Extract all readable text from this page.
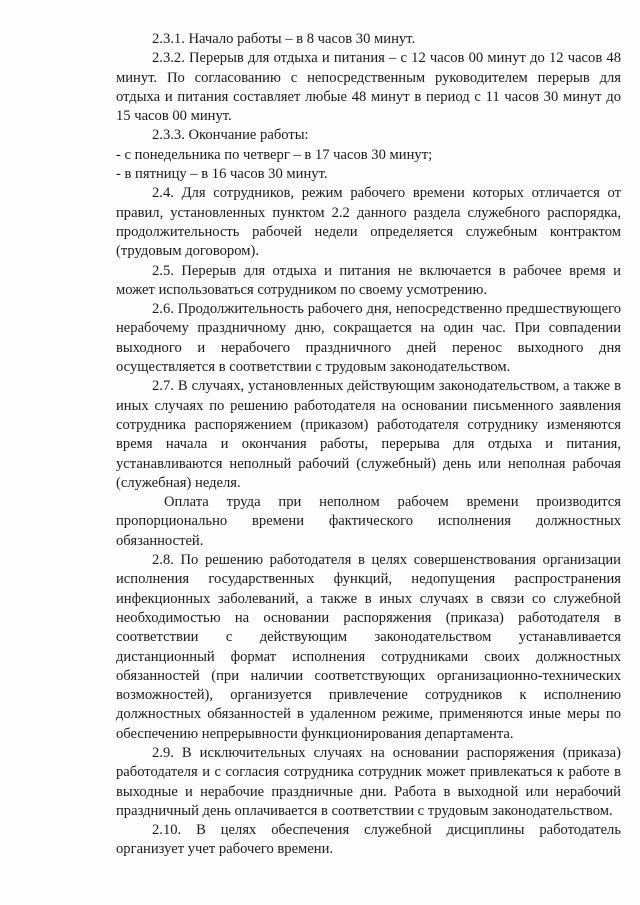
2.3.1. Начало работы – в 8 часов 30 минут.

2.3.2. Перерыв для отдыха и питания – с 12 часов 00 минут до 12 часов 48 минут. По согласованию с непосредственным руководителем перерыв для отдыха и питания составляет любые 48 минут в период с 11 часов 30 минут до 15 часов 00 минут.

2.3.3. Окончание работы:

- с понедельника по четверг – в 17 часов 30 минут;

- в пятницу – в 16 часов 30 минут.

2.4. Для сотрудников, режим рабочего времени которых отличается от правил, установленных пунктом 2.2 данного раздела служебного распорядка, продолжительность рабочей недели определяется служебным контрактом (трудовым договором).

2.5. Перерыв для отдыха и питания не включается в рабочее время и может использоваться сотрудником по своему усмотрению.

2.6. Продолжительность рабочего дня, непосредственно предшествующего нерабочему праздничному дню, сокращается на один час. При совпадении выходного и нерабочего праздничного дней перенос выходного дня осуществляется в соответствии с трудовым законодательством.

2.7. В случаях, установленных действующим законодательством, а также в иных случаях по решению работодателя на основании письменного заявления сотрудника распоряжением (приказом) работодателя сотруднику изменяются время начала и окончания работы, перерыва для отдыха и питания, устанавливаются неполный рабочий (служебный) день или неполная рабочая (служебная) неделя.

Оплата труда при неполном рабочем времени производится пропорционально времени фактического исполнения должностных обязанностей.

2.8. По решению работодателя в целях совершенствования организации исполнения государственных функций, недопущения распространения инфекционных заболеваний, а также в иных случаях в связи со служебной необходимостью на основании распоряжения (приказа) работодателя в соответствии с действующим законодательством устанавливается дистанционный формат исполнения сотрудниками своих должностных обязанностей (при наличии соответствующих организационно-технических возможностей), организуется привлечение сотрудников к исполнению должностных обязанностей в удаленном режиме, применяются иные меры по обеспечению непрерывности функционирования департамента.

2.9. В исключительных случаях на основании распоряжения (приказа) работодателя и с согласия сотрудника сотрудник может привлекаться к работе в выходные и нерабочие праздничные дни. Работа в выходной или нерабочий праздничный день оплачивается в соответствии с трудовым законодательством.

2.10. В целях обеспечения служебной дисциплины работодатель организует учет рабочего времени.
